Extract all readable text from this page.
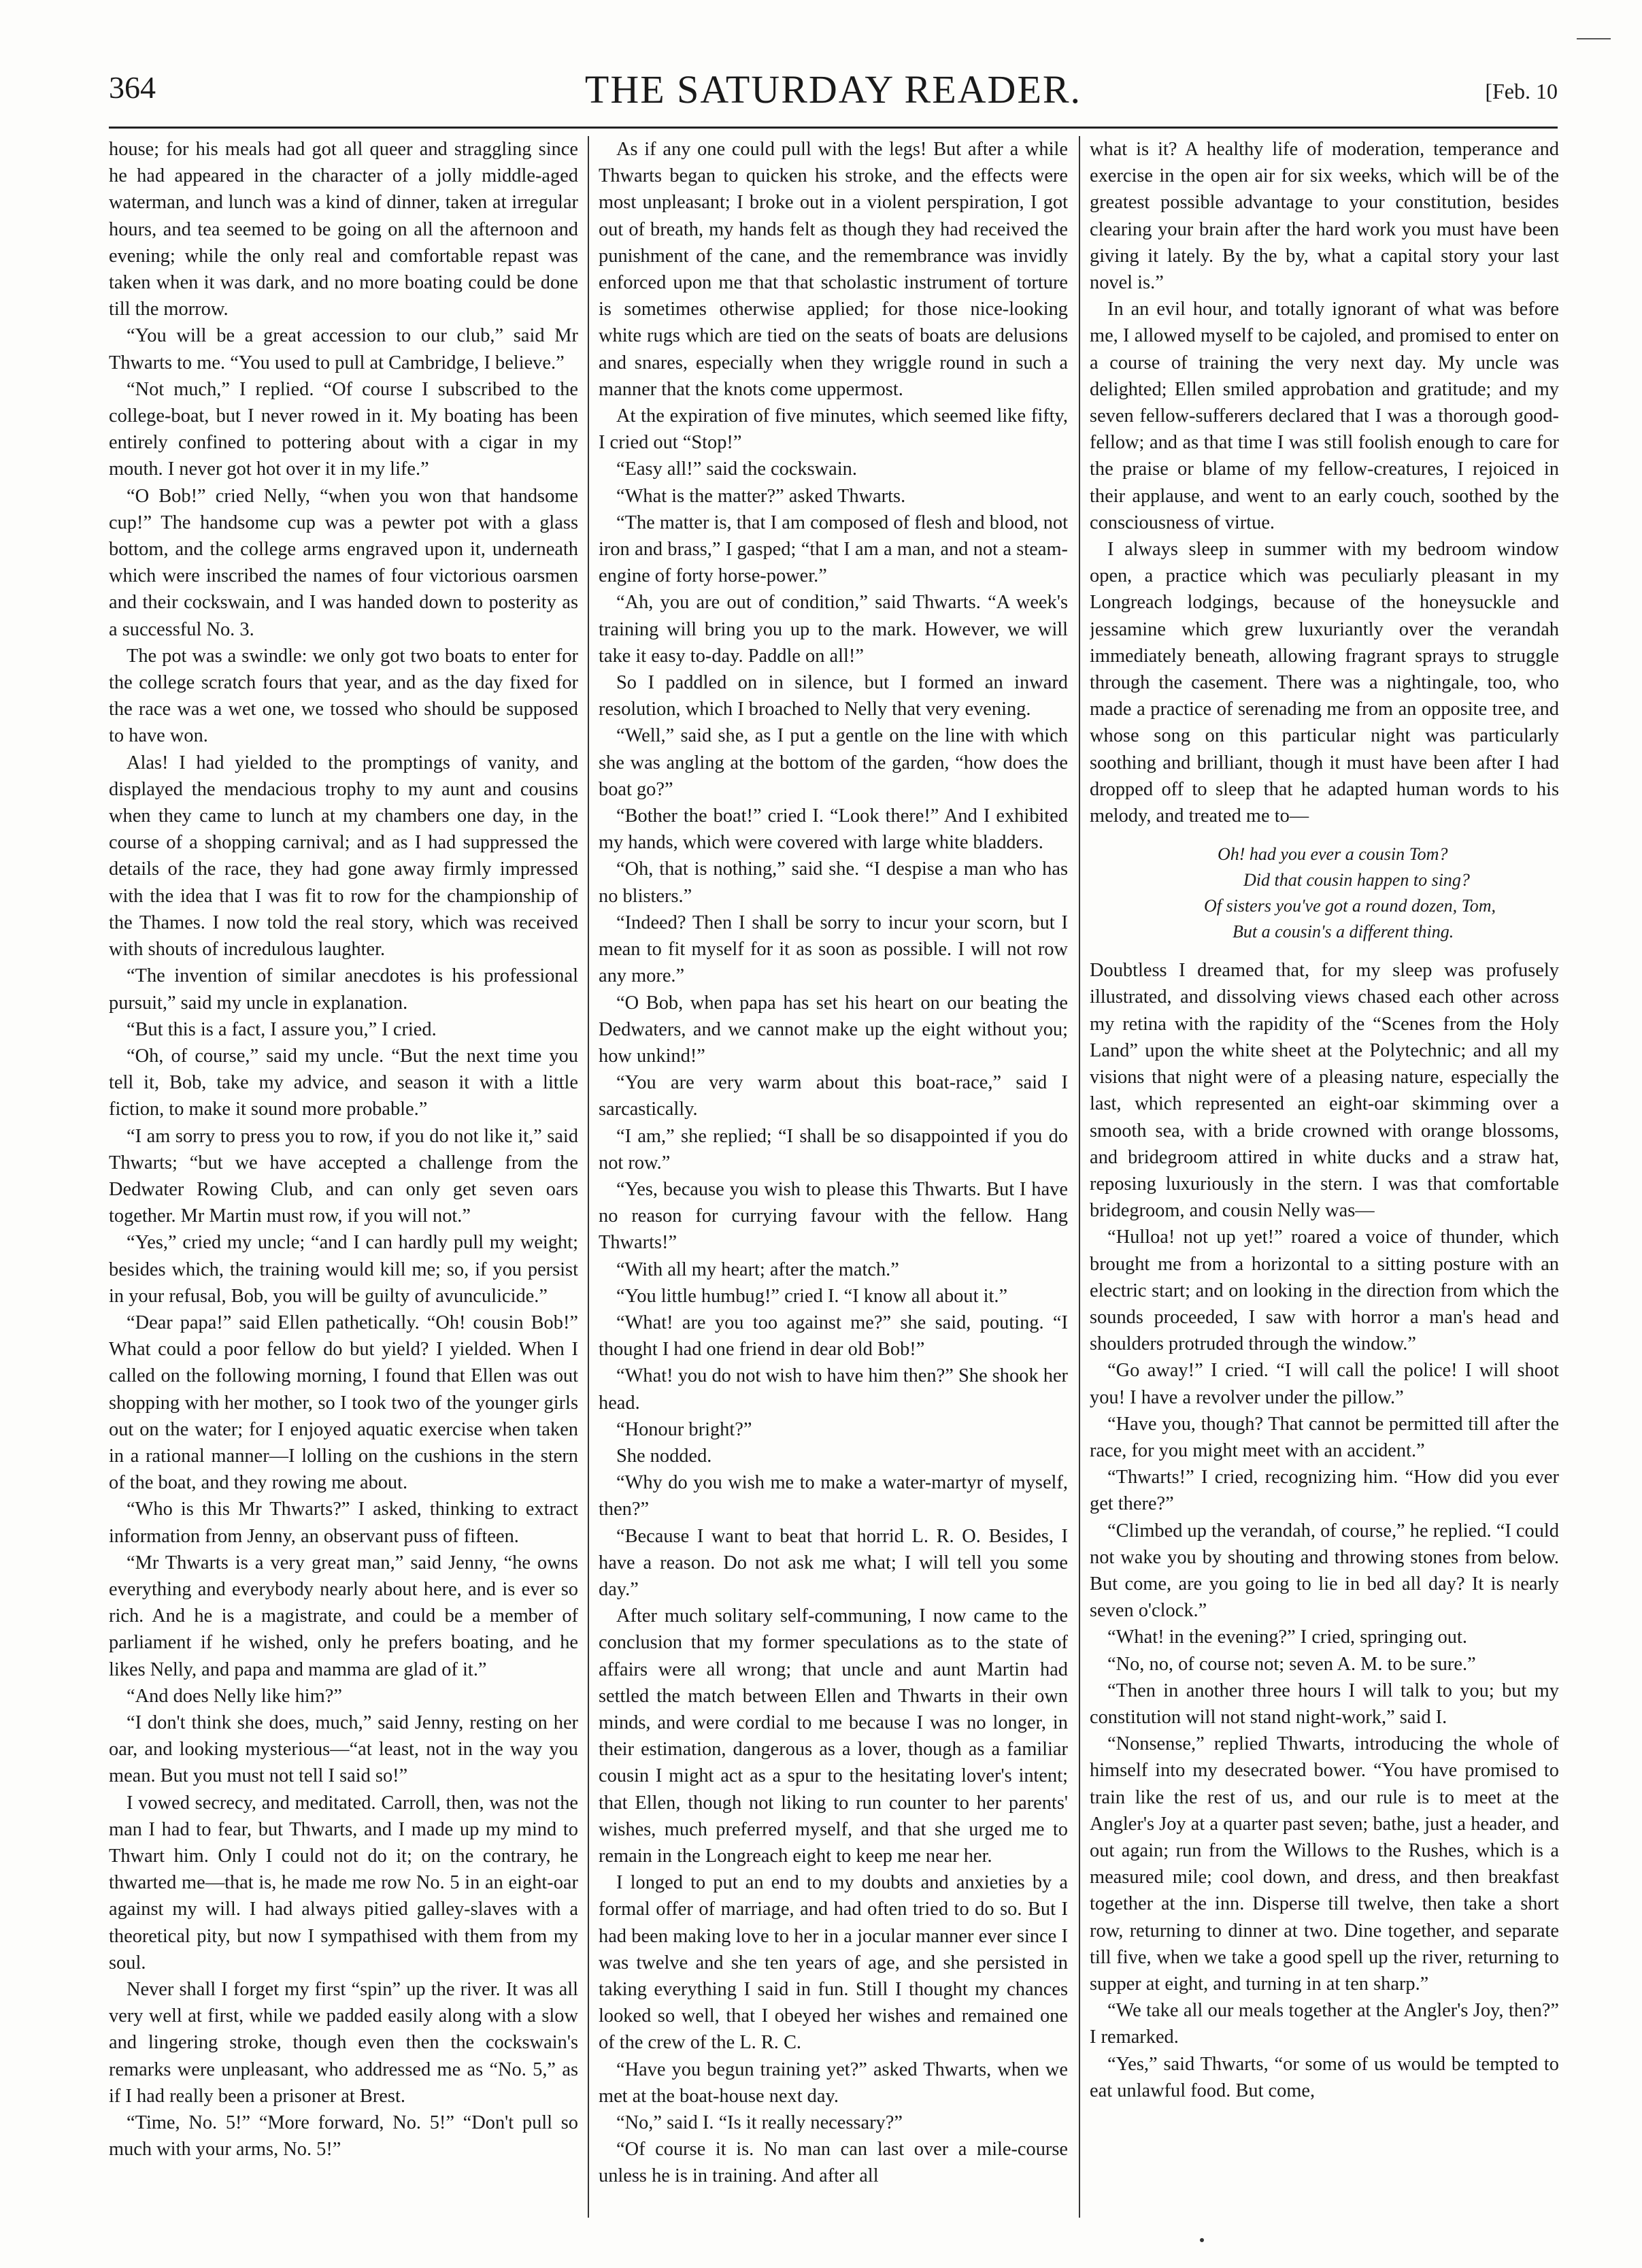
364	THE SATURDAY READER.	[Feb. 10

house; for his meals had got all queer and straggling since he had appeared in the character of a jolly middle-aged waterman, and lunch was a kind of dinner, taken at irregular hours, and tea seemed to be going on all the afternoon and evening; while the only real and comfortable repast was taken when it was dark, and no more boating could be done till the morrow.

“You will be a great accession to our club,” said Mr Thwarts to me. “You used to pull at Cambridge, I believe.”

“Not much,” I replied. “Of course I subscribed to the college-boat, but I never rowed in it. My boating has been entirely confined to pottering about with a cigar in my mouth. I never got hot over it in my life.”

“O Bob!” cried Nelly, “when you won that handsome cup!” The handsome cup was a pewter pot with a glass bottom, and the college arms engraved upon it, underneath which were inscribed the names of four victorious oarsmen and their cockswain, and I was handed down to posterity as a successful No. 3.

The pot was a swindle: we only got two boats to enter for the college scratch fours that year, and as the day fixed for the race was a wet one, we tossed who should be supposed to have won.

Alas! I had yielded to the promptings of vanity, and displayed the mendacious trophy to my aunt and cousins when they came to lunch at my chambers one day, in the course of a shopping carnival; and as I had suppressed the details of the race, they had gone away firmly impressed with the idea that I was fit to row for the championship of the Thames. I now told the real story, which was received with shouts of incredulous laughter.

“The invention of similar anecdotes is his professional pursuit,” said my uncle in explanation.

“But this is a fact, I assure you,” I cried.

“Oh, of course,” said my uncle. “But the next time you tell it, Bob, take my advice, and season it with a little fiction, to make it sound more probable.”

“I am sorry to press you to row, if you do not like it,” said Thwarts; “but we have accepted a challenge from the Dedwater Rowing Club, and can only get seven oars together. Mr Martin must row, if you will not.”

“Yes,” cried my uncle; “and I can hardly pull my weight; besides which, the training would kill me; so, if you persist in your refusal, Bob, you will be guilty of avunculicide.”

“Dear papa!” said Ellen pathetically. “Oh! cousin Bob!” What could a poor fellow do but yield? I yielded. When I called on the following morning, I found that Ellen was out shopping with her mother, so I took two of the younger girls out on the water; for I enjoyed aquatic exercise when taken in a rational manner—I lolling on the cushions in the stern of the boat, and they rowing me about.

“Who is this Mr Thwarts?” I asked, thinking to extract information from Jenny, an observant puss of fifteen.

“Mr Thwarts is a very great man,” said Jenny, “he owns everything and everybody nearly about here, and is ever so rich. And he is a magistrate, and could be a member of parliament if he wished, only he prefers boating, and he likes Nelly, and papa and mamma are glad of it.”

“And does Nelly like him?”

“I don't think she does, much,” said Jenny, resting on her oar, and looking mysterious—“at least, not in the way you mean. But you must not tell I said so!”

I vowed secrecy, and meditated. Carroll, then, was not the man I had to fear, but Thwarts, and I made up my mind to Thwart him. Only I could not do it; on the contrary, he thwarted me—that is, he made me row No. 5 in an eight-oar against my will. I had always pitied galley-slaves with a theoretical pity, but now I sympathised with them from my soul.

Never shall I forget my first “spin” up the river. It was all very well at first, while we padded easily along with a slow and lingering stroke, though even then the cockswain's remarks were unpleasant, who addressed me as “No. 5,” as if I had really been a prisoner at Brest.

“Time, No. 5!” “More forward, No. 5!” “Don't pull so much with your arms, No. 5!”

As if any one could pull with the legs! But after a while Thwarts began to quicken his stroke, and the effects were most unpleasant; I broke out in a violent perspiration, I got out of breath, my hands felt as though they had received the punishment of the cane, and the remembrance was invidly enforced upon me that that scholastic instrument of torture is sometimes otherwise applied; for those nice-looking white rugs which are tied on the seats of boats are delusions and snares, especially when they wriggle round in such a manner that the knots come uppermost.

At the expiration of five minutes, which seemed like fifty, I cried out “Stop!”

“Easy all!” said the cockswain.

“What is the matter?” asked Thwarts.

“The matter is, that I am composed of flesh and blood, not iron and brass,” I gasped; “that I am a man, and not a steam-engine of forty horse-power.”

“Ah, you are out of condition,” said Thwarts. “A week's training will bring you up to the mark. However, we will take it easy to-day. Paddle on all!”

So I paddled on in silence, but I formed an inward resolution, which I broached to Nelly that very evening.

“Well,” said she, as I put a gentle on the line with which she was angling at the bottom of the garden, “how does the boat go?”

“Bother the boat!” cried I. “Look there!” And I exhibited my hands, which were covered with large white bladders.

“Oh, that is nothing,” said she. “I despise a man who has no blisters.”

“Indeed? Then I shall be sorry to incur your scorn, but I mean to fit myself for it as soon as possible. I will not row any more.”

“O Bob, when papa has set his heart on our beating the Dedwaters, and we cannot make up the eight without you; how unkind!”

“You are very warm about this boat-race,” said I sarcastically.

“I am,” she replied; “I shall be so disappointed if you do not row.”

“Yes, because you wish to please this Thwarts. But I have no reason for currying favour with the fellow. Hang Thwarts!”

“With all my heart; after the match.”

“You little humbug!” cried I. “I know all about it.”

“What! are you too against me?” she said, pouting. “I thought I had one friend in dear old Bob!”

“What! you do not wish to have him then?” She shook her head.

“Honour bright?”

She nodded.

“Why do you wish me to make a water-martyr of myself, then?”

“Because I want to beat that horrid L. R. O. Besides, I have a reason. Do not ask me what; I will tell you some day.”

After much solitary self-communing, I now came to the conclusion that my former speculations as to the state of affairs were all wrong; that uncle and aunt Martin had settled the match between Ellen and Thwarts in their own minds, and were cordial to me because I was no longer, in their estimation, dangerous as a lover, though as a familiar cousin I might act as a spur to the hesitating lover's intent; that Ellen, though not liking to run counter to her parents' wishes, much preferred myself, and that she urged me to remain in the Longreach eight to keep me near her.

I longed to put an end to my doubts and anxieties by a formal offer of marriage, and had often tried to do so. But I had been making love to her in a jocular manner ever since I was twelve and she ten years of age, and she persisted in taking everything I said in fun. Still I thought my chances looked so well, that I obeyed her wishes and remained one of the crew of the L. R. C.

“Have you begun training yet?” asked Thwarts, when we met at the boat-house next day.

“No,” said I. “Is it really necessary?”

“Of course it is. No man can last over a mile-course unless he is in training. And after all

what is it? A healthy life of moderation, temperance and exercise in the open air for six weeks, which will be of the greatest possible advantage to your constitution, besides clearing your brain after the hard work you must have been giving it lately. By the by, what a capital story your last novel is.”

In an evil hour, and totally ignorant of what was before me, I allowed myself to be cajoled, and promised to enter on a course of training the very next day. My uncle was delighted; Ellen smiled approbation and gratitude; and my seven fellow-sufferers declared that I was a thorough good-fellow; and as that time I was still foolish enough to care for the praise or blame of my fellow-creatures, I rejoiced in their applause, and went to an early couch, soothed by the consciousness of virtue.

I always sleep in summer with my bedroom window open, a practice which was peculiarly pleasant in my Longreach lodgings, because of the honeysuckle and jessamine which grew luxuriantly over the verandah immediately beneath, allowing fragrant sprays to struggle through the casement. There was a nightingale, too, who made a practice of serenading me from an opposite tree, and whose song on this particular night was particularly soothing and brilliant, though it must have been after I had dropped off to sleep that he adapted human words to his melody, and treated me to—

Oh! had you ever a cousin Tom?
Did that cousin happen to sing?
Of sisters you've got a round dozen, Tom,
But a cousin's a different thing.

Doubtless I dreamed that, for my sleep was profusely illustrated, and dissolving views chased each other across my retina with the rapidity of the “Scenes from the Holy Land” upon the white sheet at the Polytechnic; and all my visions that night were of a pleasing nature, especially the last, which represented an eight-oar skimming over a smooth sea, with a bride crowned with orange blossoms, and bridegroom attired in white ducks and a straw hat, reposing luxuriously in the stern. I was that comfortable bridegroom, and cousin Nelly was—

“Hulloa! not up yet!” roared a voice of thunder, which brought me from a horizontal to a sitting posture with an electric start; and on looking in the direction from which the sounds proceeded, I saw with horror a man's head and shoulders protruded through the window.”

“Go away!” I cried. “I will call the police! I will shoot you! I have a revolver under the pillow.”

“Have you, though? That cannot be permitted till after the race, for you might meet with an accident.”

“Thwarts!” I cried, recognizing him. “How did you ever get there?”

“Climbed up the verandah, of course,” he replied. “I could not wake you by shouting and throwing stones from below. But come, are you going to lie in bed all day? It is nearly seven o'clock.”

“What! in the evening?” I cried, springing out.

“No, no, of course not; seven A. M. to be sure.”

“Then in another three hours I will talk to you; but my constitution will not stand night-work,” said I.

“Nonsense,” replied Thwarts, introducing the whole of himself into my desecrated bower. “You have promised to train like the rest of us, and our rule is to meet at the Angler's Joy at a quarter past seven; bathe, just a header, and out again; run from the Willows to the Rushes, which is a measured mile; cool down, and dress, and then breakfast together at the inn. Disperse till twelve, then take a short row, returning to dinner at two. Dine together, and separate till five, when we take a good spell up the river, returning to supper at eight, and turning in at ten sharp.”

“We take all our meals together at the Angler's Joy, then?” I remarked.

“Yes,” said Thwarts, “or some of us would be tempted to eat unlawful food. But come,
